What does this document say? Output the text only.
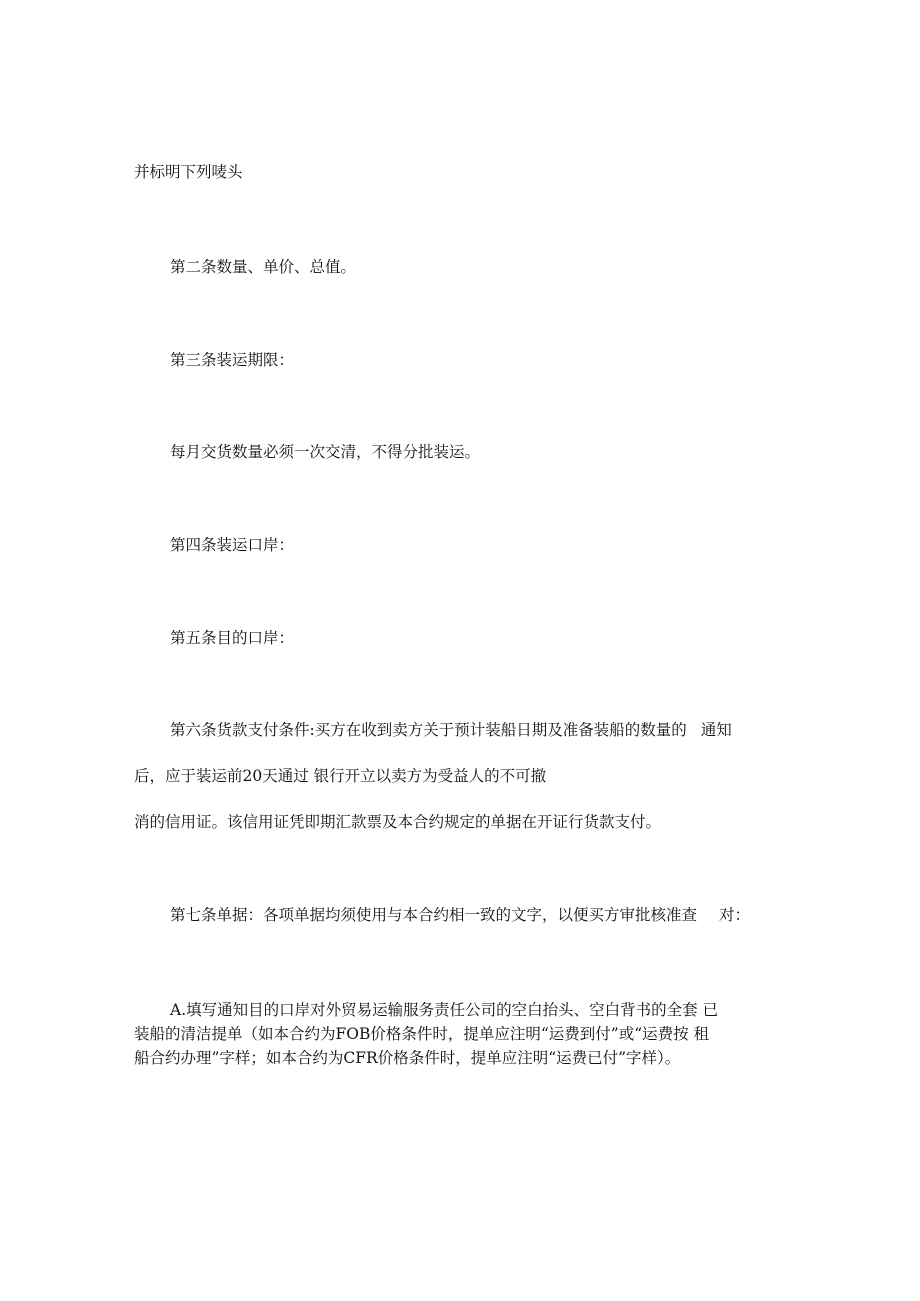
并标明下列唛头
第二条数量、单价、总值。
第三条装运期限：
每月交货数量必须一次交清，不得分批装运。
第四条装运口岸：
第五条目的口岸：
第六条货款支付条件:买方在收到卖方关于预计装船日期及准备装船的数量的 通知
后，应于装运前20天通过 银行开立以卖方为受益人的不可撤
消的信用证。该信用证凭即期汇款票及本合约规定的单据在开证行货款支付。
第七条单据：各项单据均须使用与本合约相一致的文字，以便买方审批核准查 对：
A.填写通知目的口岸对外贸易运输服务责任公司的空白抬头、空白背书的全套 已
装船的清洁提单（如本合约为FOB价格条件时，提单应注明“运费到付”或“运费按 租
船合约办理”字样；如本合约为CFR价格条件时，提单应注明“运费已付”字样）。
